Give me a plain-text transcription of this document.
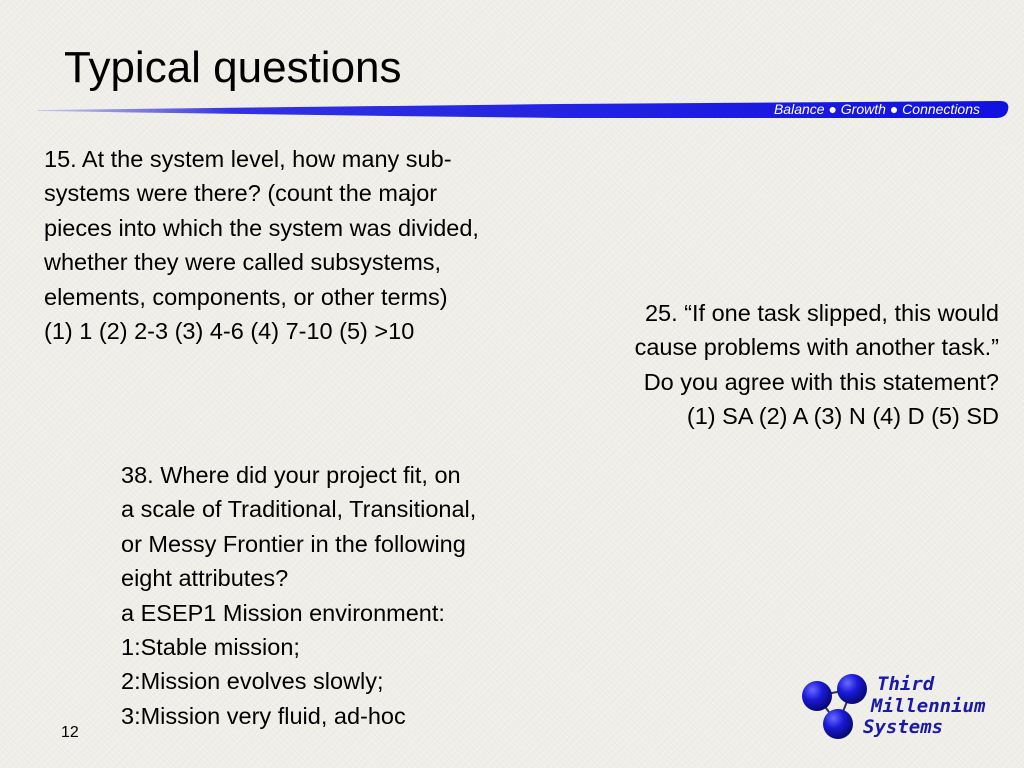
Typical questions
Balance ● Growth ● Connections
15. At the system level, how many sub-
systems were there? (count the major
pieces into which the system was divided,
whether they were called subsystems,
elements, components, or other terms)
(1) 1 (2) 2-3 (3) 4-6 (4) 7-10 (5) >10
25. “If one task slipped, this would
cause problems with another task.”
Do you agree with this statement?
(1) SA (2) A (3) N (4) D (5) SD
38. Where did your project fit, on
a scale of Traditional, Transitional,
or Messy Frontier in the following
eight attributes?
a ESEP1 Mission environment:
1:Stable mission;
2:Mission evolves slowly;
3:Mission very fluid, ad-hoc
12
Third
Millennium
Systems
